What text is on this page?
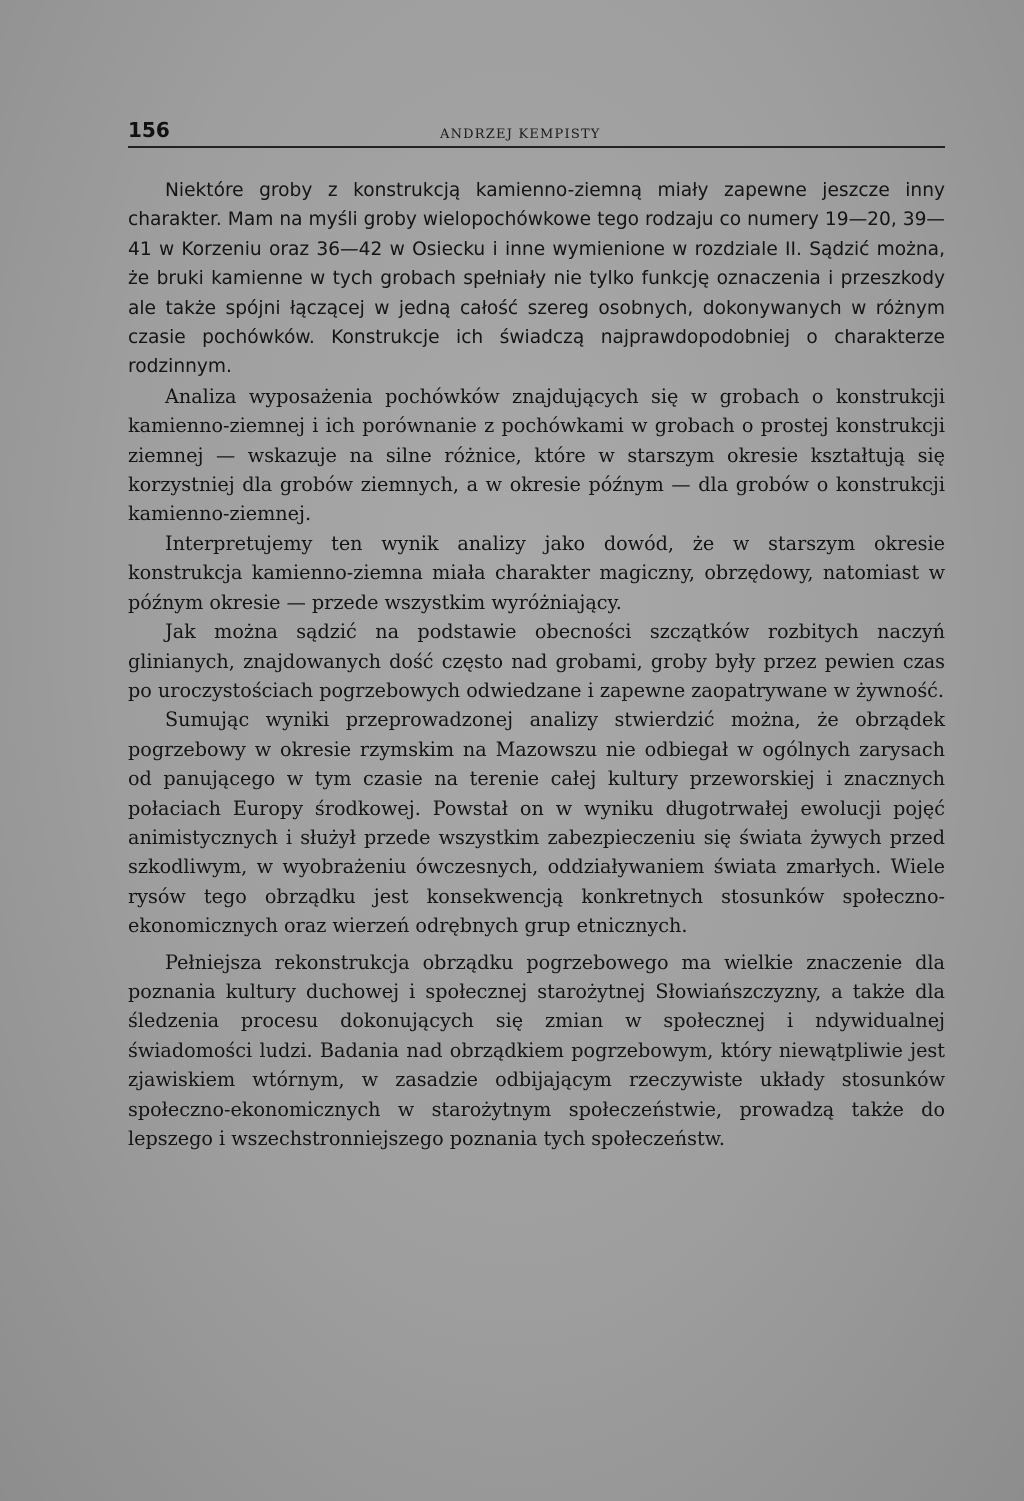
156	ANDRZEJ KEMPISTY

Niektóre groby z konstrukcją kamienno-ziemną miały zapewne jeszcze inny charakter. Mam na myśli groby wielopochówkowe tego rodzaju co numery 19—20, 39—41 w Korzeniu oraz 36—42 w Osiecku i inne wymienione w rozdziale II. Sądzić można, że bruki kamienne w tych grobach spełniały nie tylko funkcję oznaczenia i przeszkody ale także spójni łączącej w jedną całość szereg osobnych, dokonywanych w różnym czasie pochówków. Konstrukcje ich świadczą najprawdopodobniej o charakterze rodzinnym.

Analiza wyposażenia pochówków znajdujących się w grobach o konstrukcji kamienno-ziemnej i ich porównanie z pochówkami w grobach o prostej konstrukcji ziemnej — wskazuje na silne różnice, które w starszym okresie kształtują się korzystniej dla grobów ziemnych, a w okresie późnym — dla grobów o konstrukcji kamienno-ziemnej.

Interpretujemy ten wynik analizy jako dowód, że w starszym okresie konstrukcja kamienno-ziemna miała charakter magiczny, obrzędowy, natomiast w późnym okresie — przede wszystkim wyróżniający.

Jak można sądzić na podstawie obecności szczątków rozbitych naczyń glinianych, znajdowanych dość często nad grobami, groby były przez pewien czas po uroczystościach pogrzebowych odwiedzane i zapewne zaopatrywane w żywność.

Sumując wyniki przeprowadzonej analizy stwierdzić można, że obrządek pogrzebowy w okresie rzymskim na Mazowszu nie odbiegał w ogólnych zarysach od panującego w tym czasie na terenie całej kultury przeworskiej i znacznych połaciach Europy środkowej. Powstał on w wyniku długotrwałej ewolucji pojęć animistycznych i służył przede wszystkim zabezpieczeniu się świata żywych przed szkodliwym, w wyobrażeniu ówczesnych, oddziaływaniem świata zmarłych. Wiele rysów tego obrządku jest konsekwencją konkretnych stosunków społeczno-ekonomicznych oraz wierzeń odrębnych grup etnicznych.

Pełniejsza rekonstrukcja obrządku pogrzebowego ma wielkie znaczenie dla poznania kultury duchowej i społecznej starożytnej Słowiańszczyzny, a także dla śledzenia procesu dokonujących się zmian w społecznej i ndywidualnej świadomości ludzi. Badania nad obrządkiem pogrzebowym, który niewątpliwie jest zjawiskiem wtórnym, w zasadzie odbijającym rzeczywiste układy stosunków społeczno-ekonomicznych w starożytnym społeczeństwie, prowadzą także do lepszego i wszechstronniejszego poznania tych społeczeństw.
